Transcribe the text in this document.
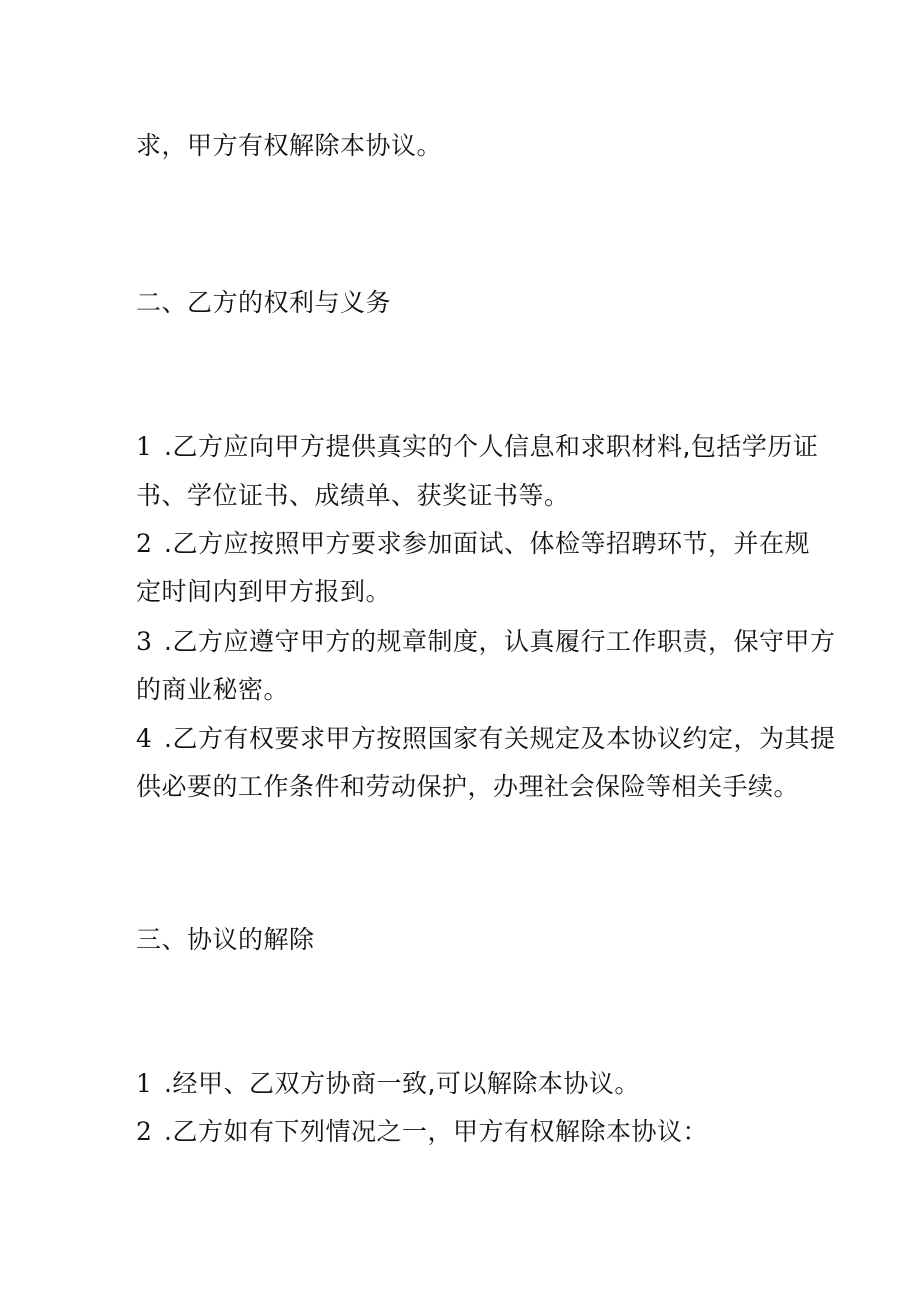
求，甲方有权解除本协议。
二、乙方的权利与义务
1 .乙方应向甲方提供真实的个人信息和求职材料,包括学历证
书、学位证书、成绩单、获奖证书等。
2 .乙方应按照甲方要求参加面试、体检等招聘环节，并在规
定时间内到甲方报到。
3 .乙方应遵守甲方的规章制度，认真履行工作职责，保守甲方
的商业秘密。
4 .乙方有权要求甲方按照国家有关规定及本协议约定，为其提
供必要的工作条件和劳动保护，办理社会保险等相关手续。
三、协议的解除
1 .经甲、乙双方协商一致,可以解除本协议。
2 .乙方如有下列情况之一，甲方有权解除本协议：
